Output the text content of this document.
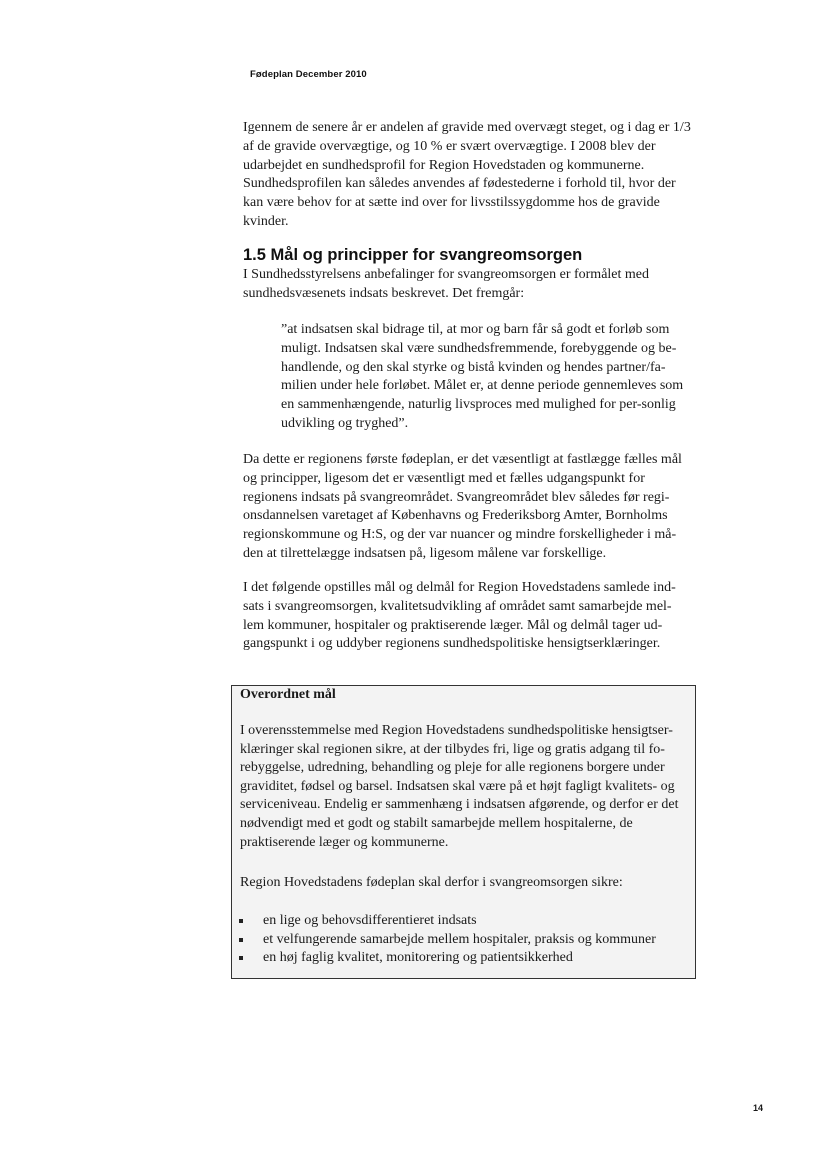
Fødeplan December 2010

Igennem de senere år er andelen af gravide med overvægt steget, og i dag er 1/3 af de gravide overvægtige, og 10 % er svært overvægtige. I 2008 blev der udarbejdet en sundhedsprofil for Region Hovedstaden og kommunerne. Sundhedsprofilen kan således anvendes af fødestederne i forhold til, hvor der kan være behov for at sætte ind over for livsstilssygdomme hos de gravide kvinder.

1.5 Mål og principper for svangreomsorgen

I Sundhedsstyrelsens anbefalinger for svangreomsorgen er formålet med sundhedsvæsenets indsats beskrevet. Det fremgår:

”at indsatsen skal bidrage til, at mor og barn får så godt et forløb som muligt. Indsatsen skal være sundhedsfremmende, forebyggende og be-handlende, og den skal styrke og bistå kvinden og hendes partner/fa-milien under hele forløbet. Målet er, at denne periode gennemleves som en sammenhængende, naturlig livsproces med mulighed for per-sonlig udvikling og tryghed”.

Da dette er regionens første fødeplan, er det væsentligt at fastlægge fælles mål og principper, ligesom det er væsentligt med et fælles udgangspunkt for regionens indsats på svangreområdet. Svangreområdet blev således før regi-onsdannelsen varetaget af Københavns og Frederiksborg Amter, Bornholms regionskommune og H:S, og der var nuancer og mindre forskelligheder i må-den at tilrettelægge indsatsen på, ligesom målene var forskellige.

I det følgende opstilles mål og delmål for Region Hovedstadens samlede ind-sats i svangreomsorgen, kvalitetsudvikling af området samt samarbejde mel-lem kommuner, hospitaler og praktiserende læger. Mål og delmål tager ud-gangspunkt i og uddyber regionens sundhedspolitiske hensigtserklæringer.

Overordnet mål

I overensstemmelse med Region Hovedstadens sundhedspolitiske hensigtser-klæringer skal regionen sikre, at der tilbydes fri, lige og gratis adgang til fo-rebyggelse, udredning, behandling og pleje for alle regionens borgere under graviditet, fødsel og barsel. Indsatsen skal være på et højt fagligt kvalitets- og serviceniveau. Endelig er sammenhæng i indsatsen afgørende, og derfor er det nødvendigt med et godt og stabilt samarbejde mellem hospitalerne, de praktiserende læger og kommunerne.

Region Hovedstadens fødeplan skal derfor i svangreomsorgen sikre:

en lige og behovsdifferentieret indsats
et velfungerende samarbejde mellem hospitaler, praksis og kommuner
en høj faglig kvalitet, monitorering og patientsikkerhed
14
